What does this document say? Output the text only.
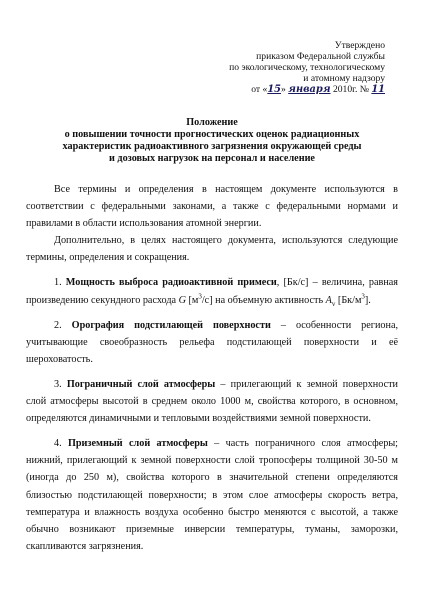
Утверждено
приказом Федеральной службы
по экологическому, технологическому
и атомному надзору
от «15» января 2010г. № 11
Положение
о повышении точности прогностических оценок радиационных
характеристик радиоактивного загрязнения окружающей среды
и дозовых нагрузок на персонал и население

Все термины и определения в настоящем документе используются в соответствии с федеральными законами, а также с федеральными нормами и правилами в области использования атомной энергии.

Дополнительно, в целях настоящего документа, используются следующие термины, определения и сокращения.

1. Мощность выброса радиоактивной примеси, [Бк/с] – величина, равная произведению секундного расхода G $[м^3/с]$ на объемную активность $A_v$ $[Бк/м^3]$.

2. Орография подстилающей поверхности – особенности региона, учитывающие своеобразность рельефа подстилающей поверхности и её шероховатость.

3. Пограничный слой атмосферы – прилегающий к земной поверхности слой атмосферы высотой в среднем около 1000 м, свойства которого, в основном, определяются динамичными и тепловыми воздействиями земной поверхности.

4. Приземный слой атмосферы – часть пограничного слоя атмосферы; нижний, прилегающий к земной поверхности слой тропосферы толщиной 30-50 м (иногда до 250 м), свойства которого в значительной степени определяются близостью подстилающей поверхности; в этом слое атмосферы скорость ветра, температура и влажность воздуха особенно быстро меняются с высотой, а также обычно возникают приземные инверсии температуры, туманы, заморозки, скапливаются загрязнения.
